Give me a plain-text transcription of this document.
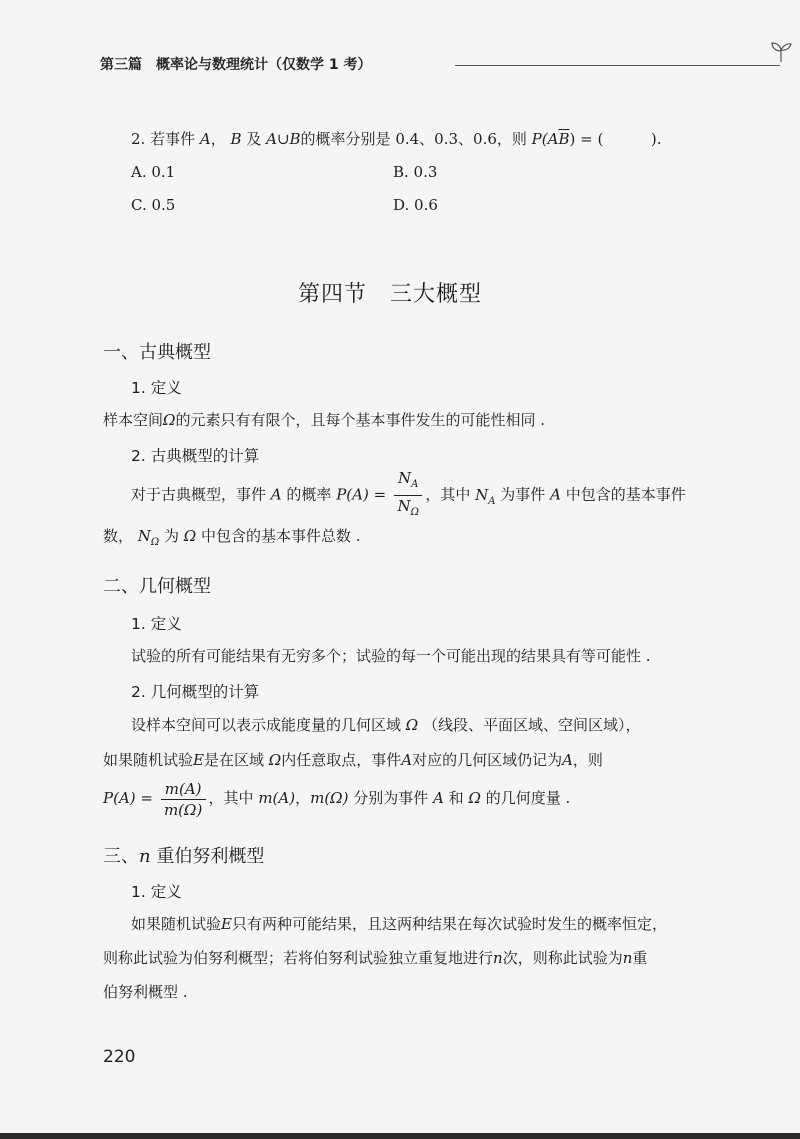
第三篇　概率论与数理统计（仅数学 1 考）
2. 若事件 A， B 及 A∪B的概率分别是 0.4、0.3、0.6，则 $P(A\overline{B})$ = (	).
A. 0.1	B. 0.3
C. 0.5	D. 0.6
第四节　三大概型
一、古典概型
1. 定义
样本空间Ω的元素只有有限个，且每个基本事件发生的可能性相同 .
2. 古典概型的计算
对于古典概型，事件 A 的概率 $P(A) = \frac{N_A}{N_\Omega}$ ，其中 $N_A$ 为事件 A 中包含的基本事件
数， $N_\Omega$ 为 Ω 中包含的基本事件总数 .
二、几何概型
1. 定义
试验的所有可能结果有无穷多个；试验的每一个可能出现的结果具有等可能性 .
2. 几何概型的计算
设样本空间可以表示成能度量的几何区域 Ω （线段、平面区域、空间区域），
如果随机试验E是在区域 Ω内任意取点，事件A对应的几何区域仍记为A，则
$P(A) = \frac{m(A)}{m(\Omega)}$ ，其中 m(A)，m(Ω) 分别为事件 A 和 Ω 的几何度量 .
三、n 重伯努利概型
1. 定义
如果随机试验E只有两种可能结果，且这两种结果在每次试验时发生的概率恒定，
则称此试验为伯努利概型；若将伯努利试验独立重复地进行n次，则称此试验为n重
伯努利概型 .
220
